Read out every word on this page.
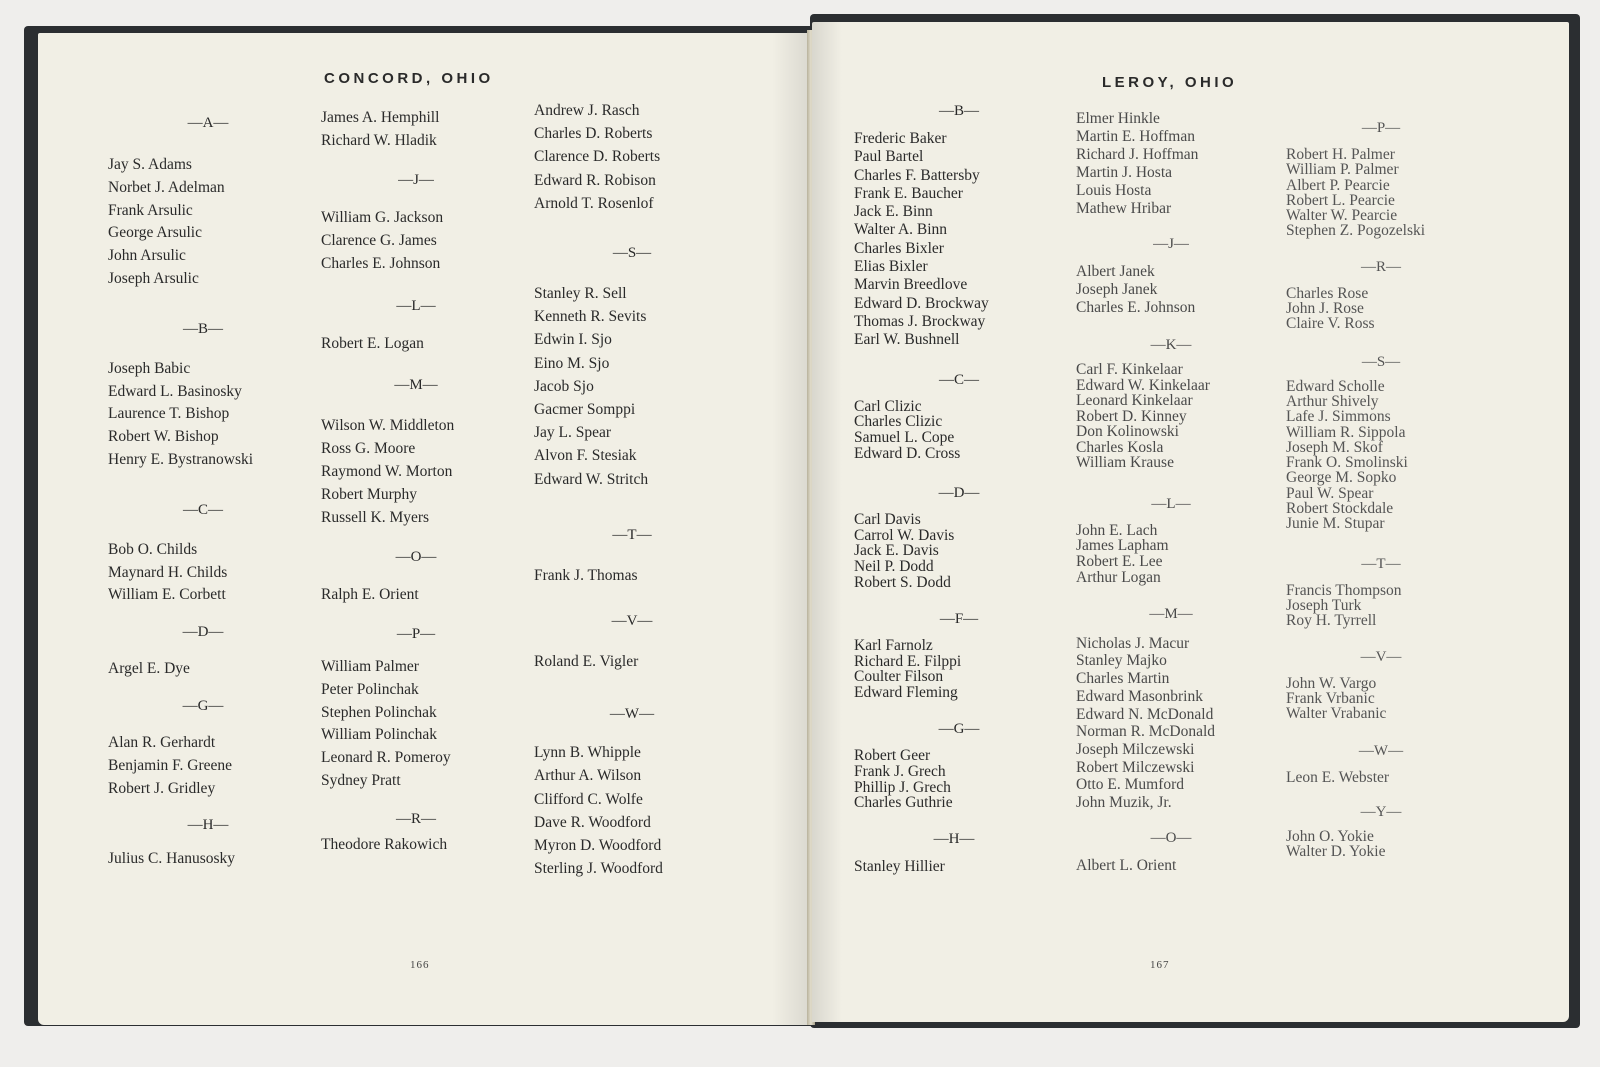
CONCORD, OHIO
—A—
Jay S. Adams
Norbet J. Adelman
Frank Arsulic
George Arsulic
John Arsulic
Joseph Arsulic
—B—
Joseph Babic
Edward L. Basinosky
Laurence T. Bishop
Robert W. Bishop
Henry E. Bystranowski
—C—
Bob O. Childs
Maynard H. Childs
William E. Corbett
—D—
Argel E. Dye
—G—
Alan R. Gerhardt
Benjamin F. Greene
Robert J. Gridley
—H—
Julius C. Hanusosky
James A. Hemphill
Richard W. Hladik
—J—
William G. Jackson
Clarence G. James
Charles E. Johnson
—L—
Robert E. Logan
—M—
Wilson W. Middleton
Ross G. Moore
Raymond W. Morton
Robert Murphy
Russell K. Myers
—O—
Ralph E. Orient
—P—
William Palmer
Peter Polinchak
Stephen Polinchak
William Polinchak
Leonard R. Pomeroy
Sydney Pratt
—R—
Theodore Rakowich
Andrew J. Rasch
Charles D. Roberts
Clarence D. Roberts
Edward R. Robison
Arnold T. Rosenlof
—S—
Stanley R. Sell
Kenneth R. Sevits
Edwin I. Sjo
Eino M. Sjo
Jacob Sjo
Gacmer Somppi
Jay L. Spear
Alvon F. Stesiak
Edward W. Stritch
—T—
Frank J. Thomas
—V—
Roland E. Vigler
—W—
Lynn B. Whipple
Arthur A. Wilson
Clifford C. Wolfe
Dave R. Woodford
Myron D. Woodford
Sterling J. Woodford
166
LEROY, OHIO
—B—
Frederic Baker
Paul Bartel
Charles F. Battersby
Frank E. Baucher
Jack E. Binn
Walter A. Binn
Charles Bixler
Elias Bixler
Marvin Breedlove
Edward D. Brockway
Thomas J. Brockway
Earl W. Bushnell
—C—
Carl Clizic
Charles Clizic
Samuel L. Cope
Edward D. Cross
—D—
Carl Davis
Carrol W. Davis
Jack E. Davis
Neil P. Dodd
Robert S. Dodd
—F—
Karl Farnolz
Richard E. Filppi
Coulter Filson
Edward Fleming
—G—
Robert Geer
Frank J. Grech
Phillip J. Grech
Charles Guthrie
—H—
Stanley Hillier
Elmer Hinkle
Martin E. Hoffman
Richard J. Hoffman
Martin J. Hosta
Louis Hosta
Mathew Hribar
—J—
Albert Janek
Joseph Janek
Charles E. Johnson
—K—
Carl F. Kinkelaar
Edward W. Kinkelaar
Leonard Kinkelaar
Robert D. Kinney
Don Kolinowski
Charles Kosla
William Krause
—L—
John E. Lach
James Lapham
Robert E. Lee
Arthur Logan
—M—
Nicholas J. Macur
Stanley Majko
Charles Martin
Edward Masonbrink
Edward N. McDonald
Norman R. McDonald
Joseph Milczewski
Robert Milczewski
Otto E. Mumford
John Muzik, Jr.
—O—
Albert L. Orient
—P—
Robert H. Palmer
William P. Palmer
Albert P. Pearcie
Robert L. Pearcie
Walter W. Pearcie
Stephen Z. Pogozelski
—R—
Charles Rose
John J. Rose
Claire V. Ross
—S—
Edward Scholle
Arthur Shively
Lafe J. Simmons
William R. Sippola
Joseph M. Skof
Frank O. Smolinski
George M. Sopko
Paul W. Spear
Robert Stockdale
Junie M. Stupar
—T—
Francis Thompson
Joseph Turk
Roy H. Tyrrell
—V—
John W. Vargo
Frank Vrbanic
Walter Vrabanic
—W—
Leon E. Webster
—Y—
John O. Yokie
Walter D. Yokie
167
